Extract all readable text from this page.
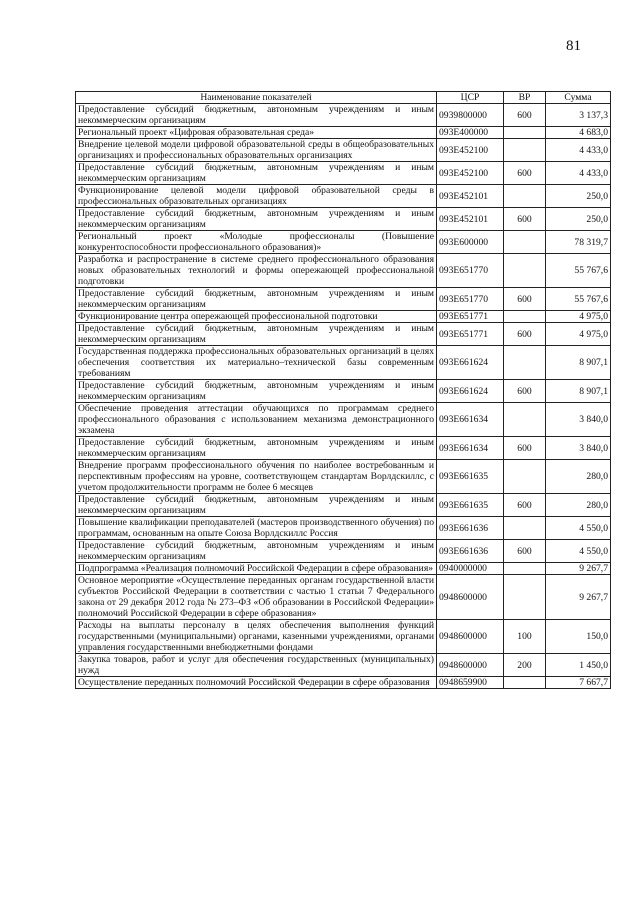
81
Наименование показателей	ЦСР	ВР	Сумма
Предоставление субсидий бюджетным, автономным учреждениям и иным некоммерческим организациям	0939800000	600	3 137,3
Региональный проект «Цифровая образовательная среда»	093E400000		4 683,0
Внедрение целевой модели цифровой образовательной среды в общеобразовательных организациях и профессиональных образовательных организациях	093E452100		4 433,0
Предоставление субсидий бюджетным, автономным учреждениям и иным некоммерческим организациям	093E452100	600	4 433,0
Функционирование целевой модели цифровой образовательной среды в профессиональных образовательных организациях	093E452101		250,0
Предоставление субсидий бюджетным, автономным учреждениям и иным некоммерческим организациям	093E452101	600	250,0
Региональный проект «Молодые профессионалы (Повышение конкурентоспособности профессионального образования)»	093E600000		78 319,7
Разработка и распространение в системе среднего профессионального образования новых образовательных технологий и формы опережающей профессиональной подготовки	093E651770		55 767,6
Предоставление субсидий бюджетным, автономным учреждениям и иным некоммерческим организациям	093E651770	600	55 767,6
Функционирование центра опережающей профессиональной подготовки	093E651771		4 975,0
Предоставление субсидий бюджетным, автономным учреждениям и иным некоммерческим организациям	093E651771	600	4 975,0
Государственная поддержка профессиональных образовательных организаций в целях обеспечения соответствия их материально–технической базы современным требованиям	093E661624		8 907,1
Предоставление субсидий бюджетным, автономным учреждениям и иным некоммерческим организациям	093E661624	600	8 907,1
Обеспечение проведения аттестации обучающихся по программам среднего профессионального образования с использованием механизма демонстрационного экзамена	093E661634		3 840,0
Предоставление субсидий бюджетным, автономным учреждениям и иным некоммерческим организациям	093E661634	600	3 840,0
Внедрение программ профессионального обучения по наиболее востребованным и перспективным профессиям на уровне, соответствующем стандартам Ворлдскиллс, с учетом продолжительности программ не более 6 месяцев	093E661635		280,0
Предоставление субсидий бюджетным, автономным учреждениям и иным некоммерческим организациям	093E661635	600	280,0
Повышение квалификации преподавателей (мастеров производственного обучения) по программам, основанным на опыте Союза Ворлдскиллс Россия	093E661636		4 550,0
Предоставление субсидий бюджетным, автономным учреждениям и иным некоммерческим организациям	093E661636	600	4 550,0
Подпрограмма «Реализация полномочий Российской Федерации в сфере образования»	0940000000		9 267,7
Основное мероприятие «Осуществление переданных органам государственной власти субъектов Российской Федерации в соответствии с частью 1 статьи 7 Федерального закона от 29 декабря 2012 года № 273–ФЗ «Об образовании в Российской Федерации» полномочий Российской Федерации в сфере образования»	0948600000		9 267,7
Расходы на выплаты персоналу в целях обеспечения выполнения функций государственными (муниципальными) органами, казенными учреждениями, органами управления государственными внебюджетными фондами	0948600000	100	150,0
Закупка товаров, работ и услуг для обеспечения государственных (муниципальных) нужд	0948600000	200	1 450,0
Осуществление переданных полномочий Российской Федерации в сфере образования	0948659900		7 667,7
